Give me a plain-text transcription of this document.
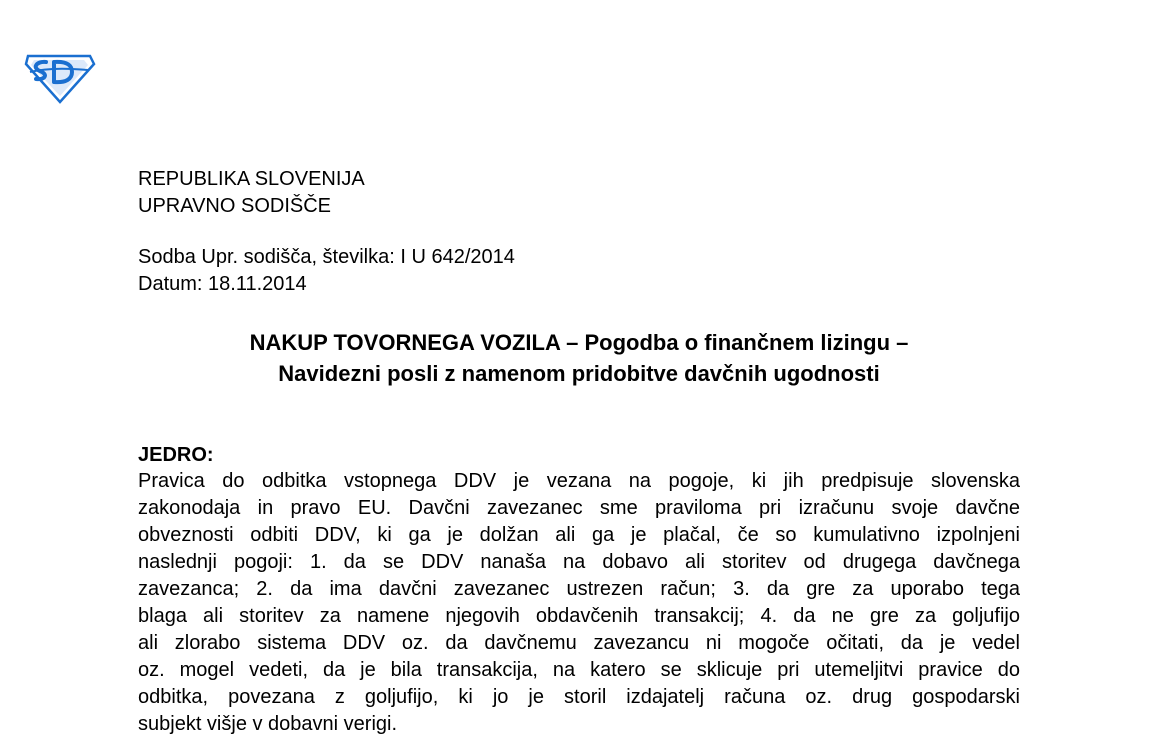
REPUBLIKA SLOVENIJA
UPRAVNO SODIŠČE
Sodba Upr. sodišča, številka: I U 642/2014
Datum: 18.11.2014
NAKUP TOVORNEGA VOZILA – Pogodba o finančnem lizingu –
Navidezni posli z namenom pridobitve davčnih ugodnosti
JEDRO:
Pravica do odbitka vstopnega DDV je vezana na pogoje, ki jih predpisuje slovenska
zakonodaja in pravo EU. Davčni zavezanec sme praviloma pri izračunu svoje davčne
obveznosti odbiti DDV, ki ga je dolžan ali ga je plačal, če so kumulativno izpolnjeni
naslednji pogoji: 1. da se DDV nanaša na dobavo ali storitev od drugega davčnega
zavezanca; 2. da ima davčni zavezanec ustrezen račun; 3. da gre za uporabo tega
blaga ali storitev za namene njegovih obdavčenih transakcij; 4. da ne gre za goljufijo
ali zlorabo sistema DDV oz. da davčnemu zavezancu ni mogoče očitati, da je vedel
oz. mogel vedeti, da je bila transakcija, na katero se sklicuje pri utemeljitvi pravice do
odbitka, povezana z goljufijo, ki jo je storil izdajatelj računa oz. drug gospodarski
subjekt višje v dobavni verigi.
